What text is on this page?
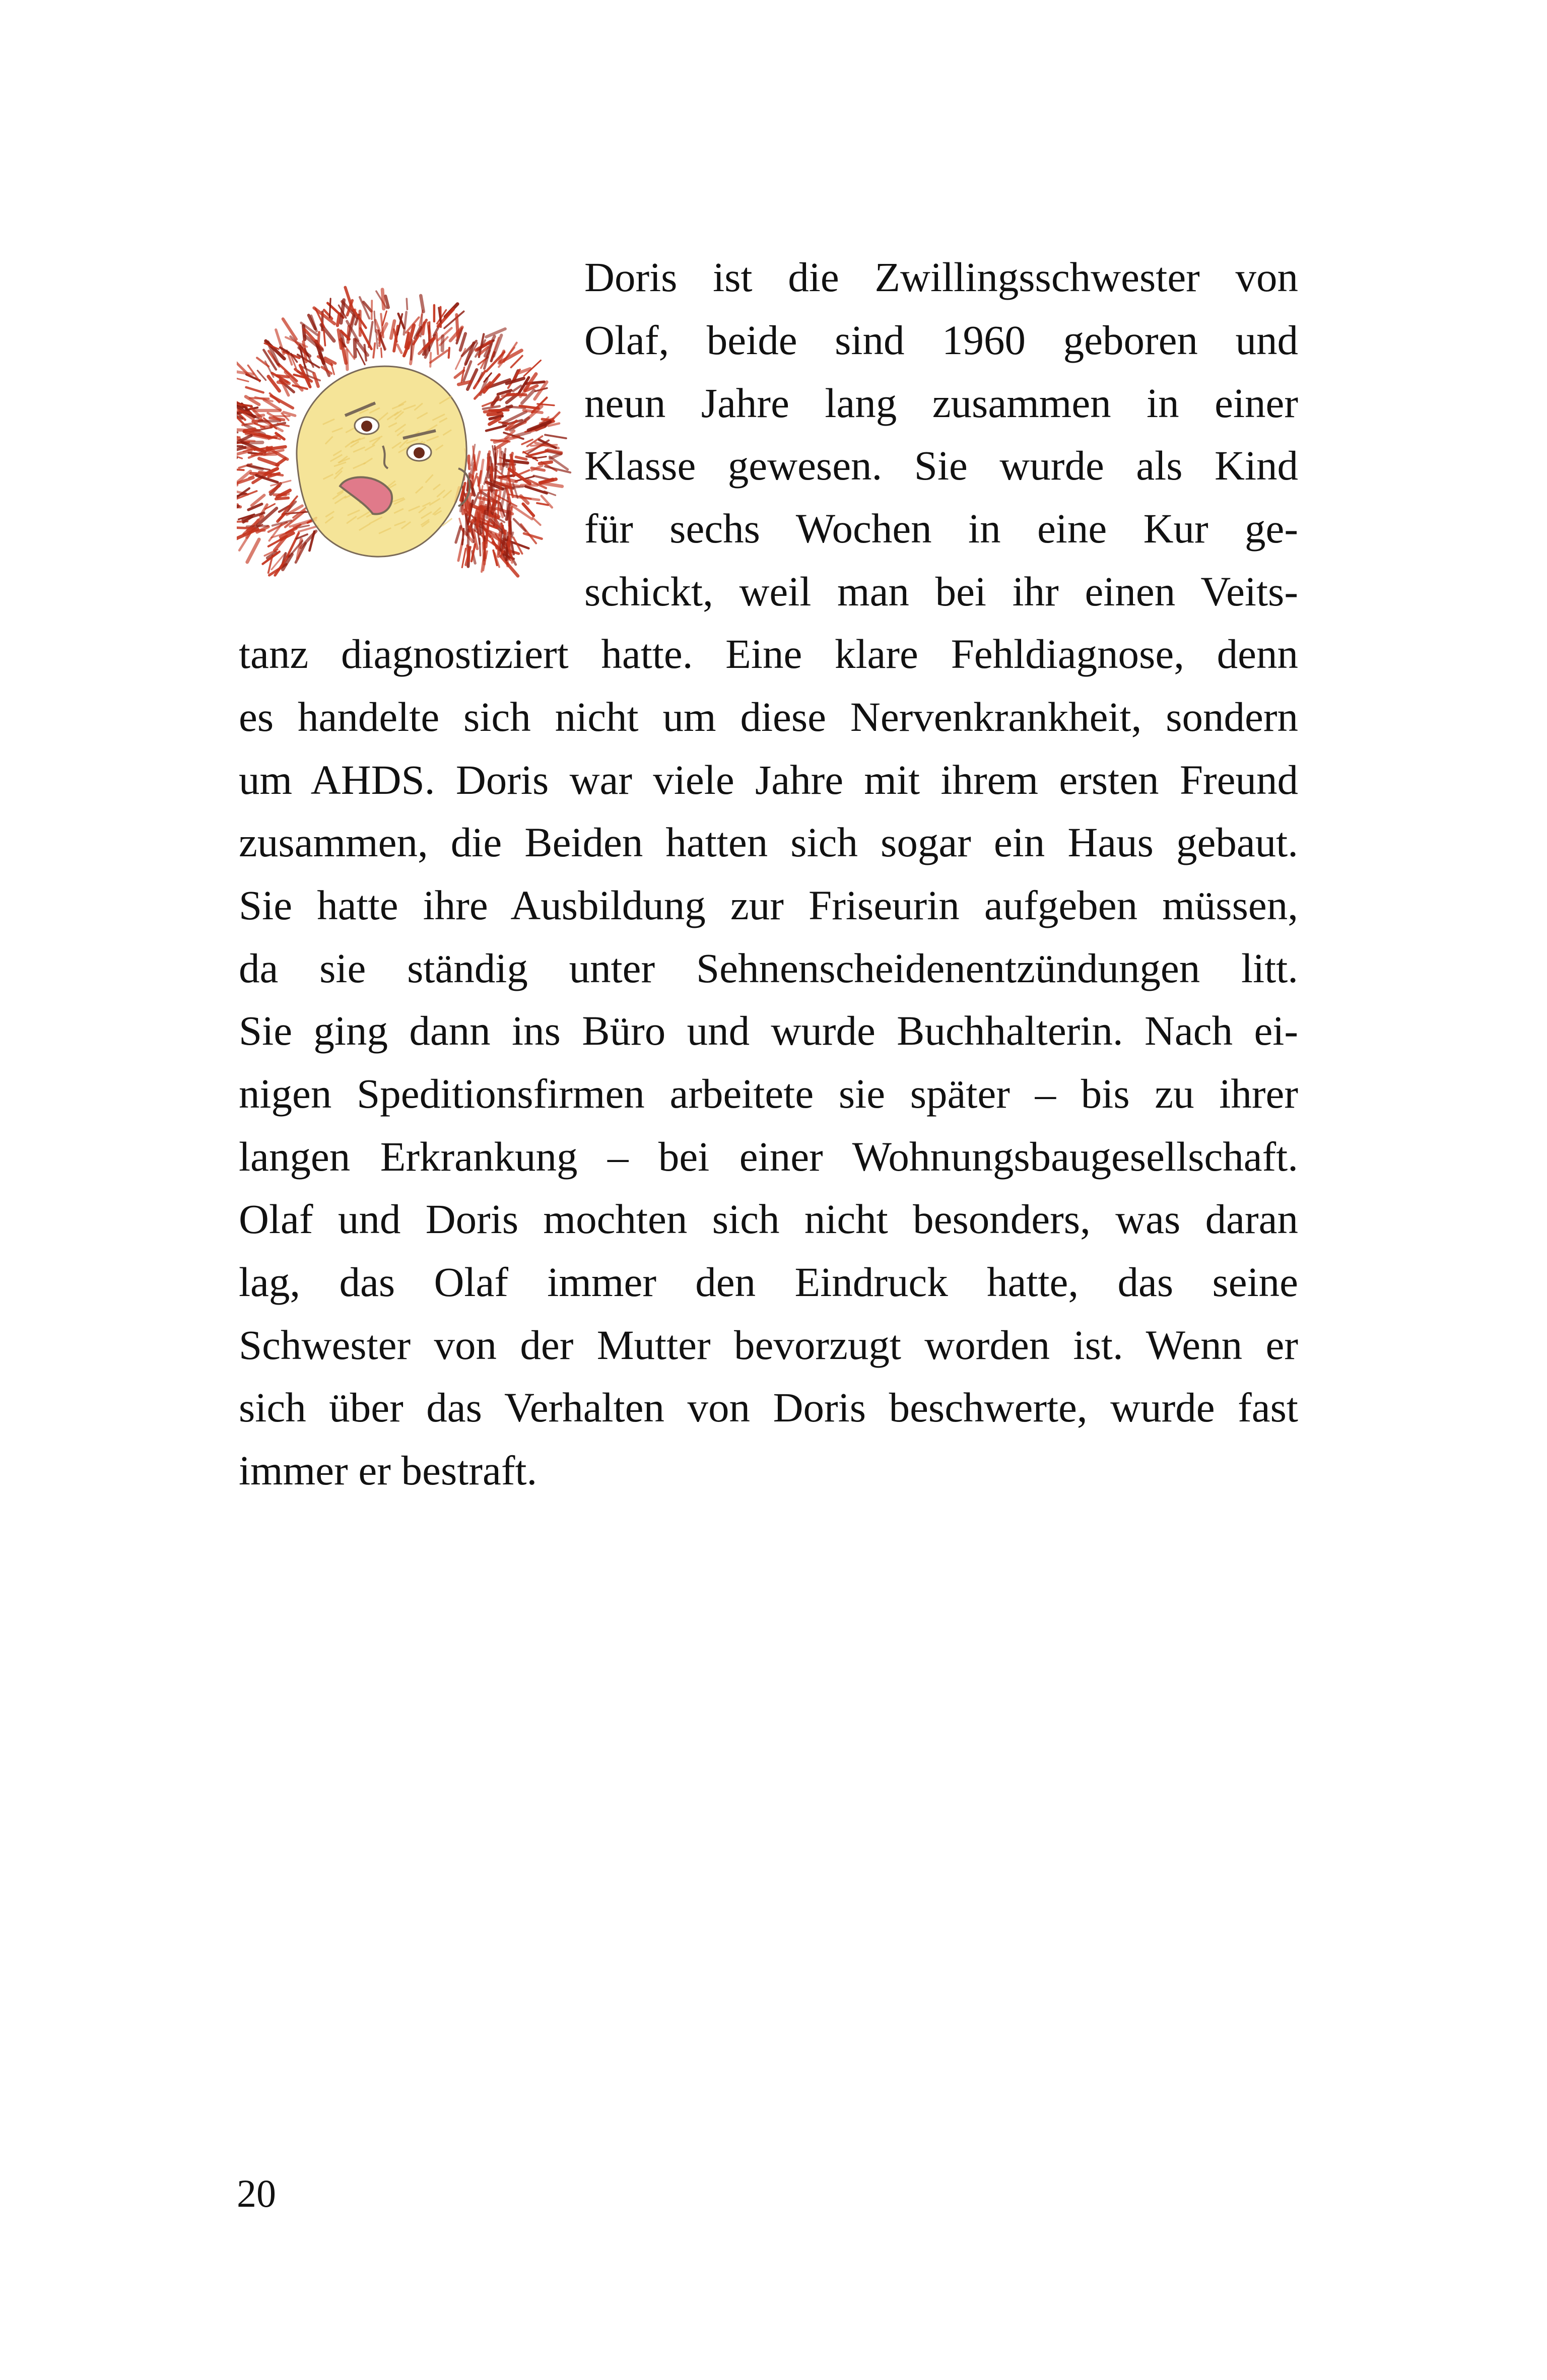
Doris ist die Zwillingsschwester von
Olaf, beide sind 1960 geboren und
neun Jahre lang zusammen in einer
Klasse gewesen. Sie wurde als Kind
für sechs Wochen in eine Kur ge-
schickt, weil man bei ihr einen Veits-
tanz diagnostiziert hatte. Eine klare Fehldiagnose, denn
es handelte sich nicht um diese Nervenkrankheit, sondern
um AHDS. Doris war viele Jahre mit ihrem ersten Freund
zusammen, die Beiden hatten sich sogar ein Haus gebaut.
Sie hatte ihre Ausbildung zur Friseurin aufgeben müssen,
da sie ständig unter Sehnenscheidenentzündungen litt.
Sie ging dann ins Büro und wurde Buchhalterin. Nach ei-
nigen Speditionsfirmen arbeitete sie später – bis zu ihrer
langen Erkrankung – bei einer Wohnungsbaugesellschaft.
Olaf und Doris mochten sich nicht besonders, was daran
lag, das Olaf immer den Eindruck hatte, das seine
Schwester von der Mutter bevorzugt worden ist. Wenn er
sich über das Verhalten von Doris beschwerte, wurde fast
immer er bestraft.
20
